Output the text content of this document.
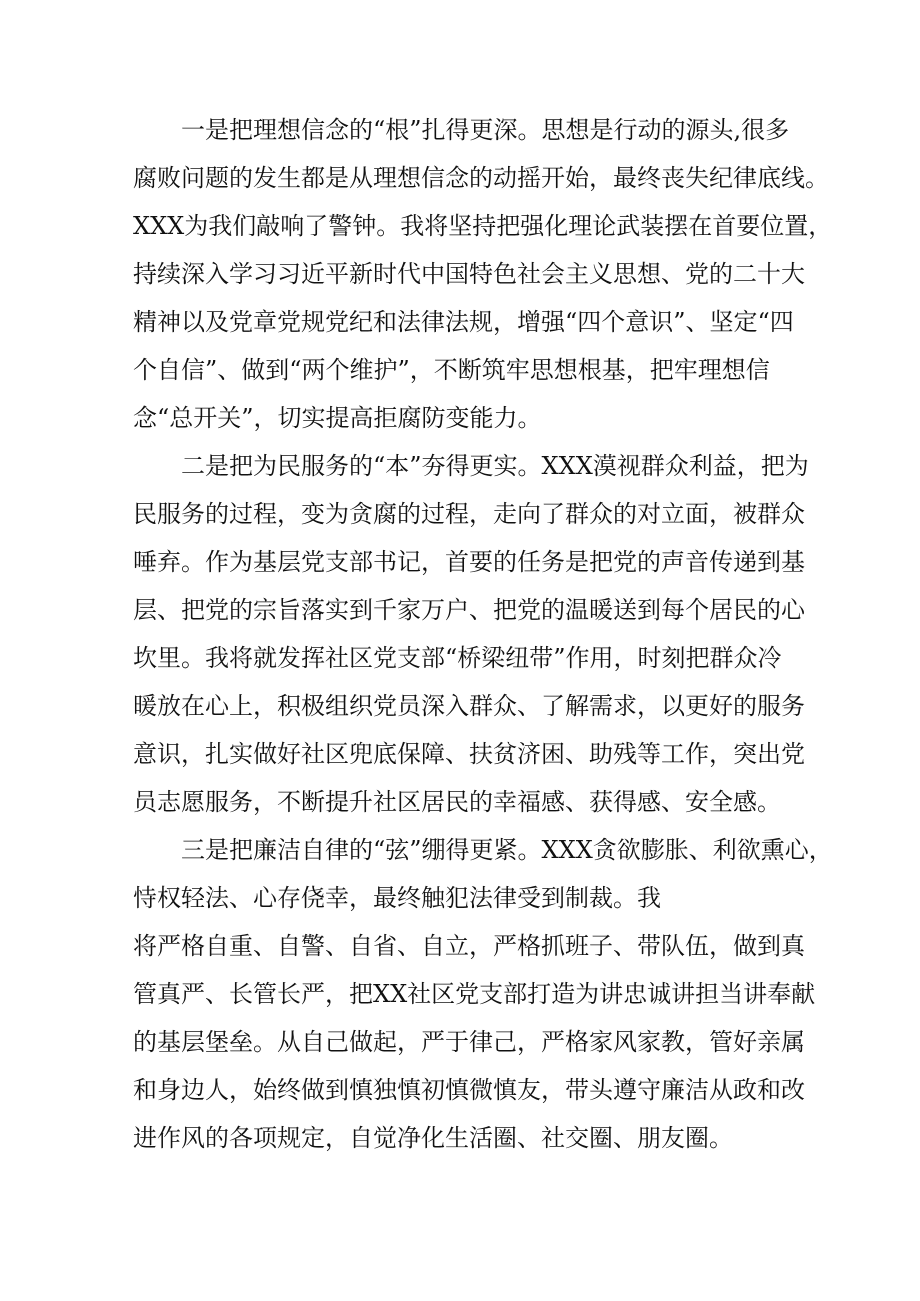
一是把理想信念的“根”扎得更深。思想是行动的源头,很多

腐败问题的发生都是从理想信念的动摇开始，最终丧失纪律底线。

XXX为我们敲响了警钟。我将坚持把强化理论武装摆在首要位置，

持续深入学习习近平新时代中国特色社会主义思想、党的二十大

精神以及党章党规党纪和法律法规，增强“四个意识”、坚定“四

个自信”、做到“两个维护”，不断筑牢思想根基，把牢理想信

念“总开关”，切实提高拒腐防变能力。

二是把为民服务的“本”夯得更实。XXX漠视群众利益，把为

民服务的过程，变为贪腐的过程，走向了群众的对立面，被群众

唾弃。作为基层党支部书记，首要的任务是把党的声音传递到基

层、把党的宗旨落实到千家万户、把党的温暖送到每个居民的心

坎里。我将就发挥社区党支部“桥梁纽带”作用，时刻把群众冷

暖放在心上，积极组织党员深入群众、了解需求，以更好的服务

意识，扎实做好社区兜底保障、扶贫济困、助残等工作，突出党

员志愿服务，不断提升社区居民的幸福感、获得感、安全感。

三是把廉洁自律的“弦”绷得更紧。XXX贪欲膨胀、利欲熏心，

恃权轻法、心存侥幸，最终触犯法律受到制裁。我

将严格自重、自警、自省、自立，严格抓班子、带队伍，做到真

管真严、长管长严，把XX社区党支部打造为讲忠诚讲担当讲奉献

的基层堡垒。从自己做起，严于律己，严格家风家教，管好亲属

和身边人，始终做到慎独慎初慎微慎友，带头遵守廉洁从政和改

进作风的各项规定，自觉净化生活圈、社交圈、朋友圈。
